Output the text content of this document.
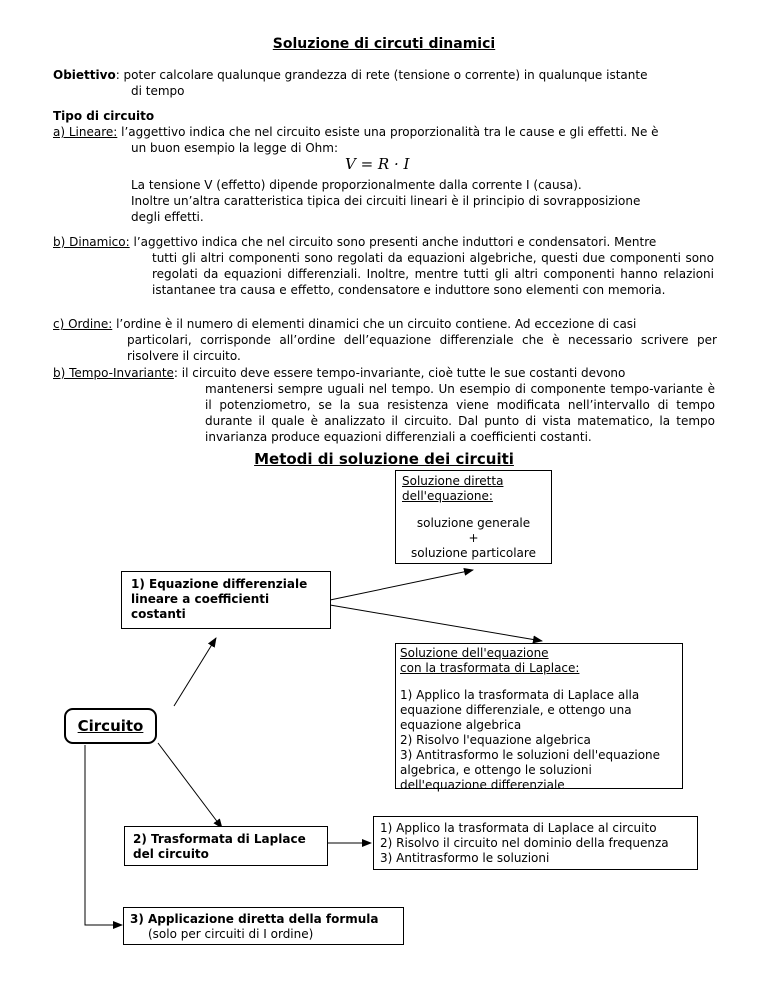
Soluzione di circuti dinamici
Obiettivo: poter calcolare qualunque grandezza di rete (tensione o corrente) in qualunque istante
di tempo
Tipo di circuito
a) Lineare: l’aggettivo indica che nel circuito esiste una proporzionalità tra le cause e gli effetti. Ne è
un buon esempio la legge di Ohm:
V = R · I
La tensione V (effetto) dipende proporzionalmente dalla corrente I (causa).
Inoltre un’altra caratteristica tipica dei circuiti lineari è il principio di sovrapposizione
degli effetti.
b) Dinamico: l’aggettivo indica che nel circuito sono presenti anche induttori e condensatori. Mentre
tutti gli altri componenti sono regolati da equazioni algebriche, questi due componenti sono regolati da equazioni differenziali. Inoltre, mentre tutti gli altri componenti hanno relazioni istantanee tra causa e effetto, condensatore e induttore sono elementi con memoria.
c) Ordine: l’ordine è il numero di elementi dinamici che un circuito contiene. Ad eccezione di casi
particolari, corrisponde all’ordine dell’equazione differenziale che è necessario scrivere per risolvere il circuito.
b) Tempo-Invariante: il circuito deve essere tempo-invariante, cioè tutte le sue costanti devono
mantenersi sempre uguali nel tempo. Un esempio di componente tempo-variante è il potenziometro, se la sua resistenza viene modificata nell’intervallo di tempo durante il quale è analizzato il circuito. Dal punto di vista matematico, la tempo invarianza produce equazioni differenziali a coefficienti costanti.
Metodi di soluzione dei circuiti
Soluzione diretta
dell'equazione:
soluzione generale
+
soluzione particolare
1) Equazione differenziale
lineare a coefficienti
costanti
Soluzione dell'equazione
con la trasformata di Laplace:
1) Applico la trasformata di Laplace alla
equazione differenziale, e ottengo una
equazione algebrica
2) Risolvo l'equazione algebrica
3) Antitrasformo le soluzioni dell'equazione
algebrica, e ottengo le soluzioni
dell'equazione differenziale
Circuito
2) Trasformata di Laplace
del circuito
1) Applico la trasformata di Laplace al circuito
2) Risolvo il circuito nel dominio della frequenza
3) Antitrasformo le soluzioni
3) Applicazione diretta della formula
(solo per circuiti di I ordine)
